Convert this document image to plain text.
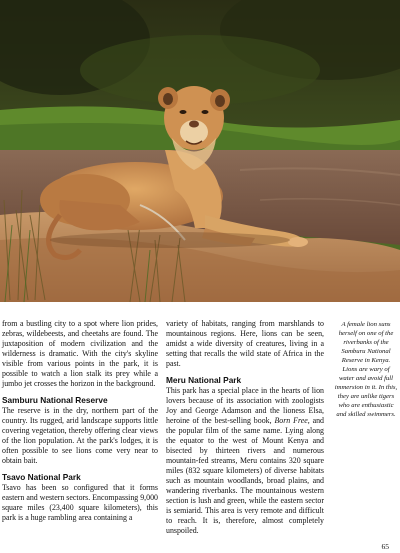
from a bustling city to a spot where lion prides, zebras, wildebeests, and cheetahs are found. The juxtaposition of modern civilization and the wilderness is dramatic. With the city's skyline visible from various points in the park, it is possible to watch a lion stalk its prey while a jumbo jet crosses the horizon in the background.

Samburu National Reserve

The reserve is in the dry, northern part of the country. Its rugged, arid landscape supports little covering vegetation, thereby offering clear views of the lion population. At the park's lodges, it is often possible to see lions come very near to obtain bait.

Tsavo National Park

Tsavo has been so configured that it forms eastern and western sectors. Encompassing 9,000 square miles (23,400 square kilometers), this park is a huge rambling area containing a

variety of habitats, ranging from marshlands to mountainous regions. Here, lions can be seen, amidst a wide diversity of creatures, living in a setting that recalls the wild state of Africa in the past.

Meru National Park

This park has a special place in the hearts of lion lovers because of its association with zoologists Joy and George Adamson and the lioness Elsa, heroine of the best-selling book, Born Free, and the popular film of the same name. Lying along the equator to the west of Mount Kenya and bisected by thirteen rivers and numerous mountain-fed streams, Meru contains 320 square miles (832 square kilometers) of diverse habitats such as mountain woodlands, broad plains, and wandering riverbanks. The mountainous western section is lush and green, while the eastern sector is semiarid. This area is very remote and difficult to reach. It is, therefore, almost completely unspoiled.

A female lion suns herself on one of the riverbanks of the Samburu National Reserve in Kenya. Lions are wary of water and avoid full immersion in it. In this, they are unlike tigers who are enthusiastic and skilled swimmers.

65
